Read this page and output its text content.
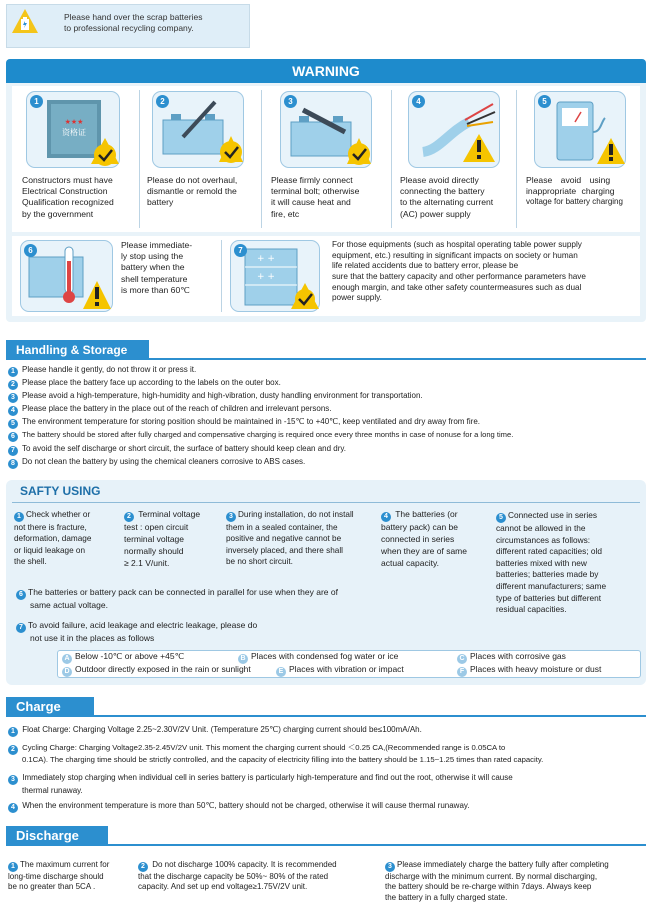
Please hand over the scrap batteries
to professional recycling company.
WARNING
资格证
★★★
1
Constructors must have
Electrical Construction
Qualification recognized
by the government
2
Please do not overhaul,
dismantle or remold the
battery
3
Please firmly connect
terminal bolt; otherwise
it will cause heat and
fire, etc
4
Please avoid directly
connecting the battery
to the alternating current
(AC) power supply
5
Please avoid using
inappropriate charging
voltage for battery charging
6
Please immediate-
ly stop using the
battery when the
shell temperature
is more than 60℃
+ +
+ +
7
For those equipments (such as hospital operating table power supply
equipment, etc.) resulting in significant impacts on society or human
life related accidents due to battery error, please be
sure that the battery capacity and other performance parameters have
enough margin, and take other safety countermeasures such as dual
power supply.
Handling & Storage
1 Please handle it gently, do not throw it or press it.
2 Please place the battery face up according to the labels on the outer box.
3 Please avoid a high-temperature, high-humidity and high-vibration, dusty handling environment for transportation.
4 Please place the battery in the place out of the reach of children and irrelevant persons.
5 The environment temperature for storing position should be maintained in -15℃ to +40℃, keep ventilated and dry away from fire.
6 The battery should be stored after fully charged and compensative charging is required once every three months in case of nonuse for a long time.
7 To avoid the self discharge or short circuit, the surface of battery should keep clean and dry.
8 Do not clean the battery by using the chemical cleaners corrosive to ABS cases.
SAFTY USING
1 Check whether or
not there is fracture,
deformation, damage
or liquid leakage on
the shell.
2 Terminal voltage
test : open circuit
terminal voltage
normally should
≥ 2.1 V/unit.
3 During installation, do not install
them in a sealed container, the
positive and negative cannot be
inversely placed, and there shall
be no short circuit.
4 The batteries (or
battery pack) can be
connected in series
when they are of same
actual capacity.
5 Connected use in series
cannot be allowed in the
circumstances as follows:
different rated capacities; old
batteries mixed with new
batteries; batteries made by
different manufacturers; same
type of batteries but different
residual capacities.
6 The batteries or battery pack can be connected in parallel for use when they are of
same actual voltage.
7 To avoid failure, acid leakage and electric leakage, please do
not use it in the places as follows
A Below -10℃ or above +45℃	B Places with condensed fog water or ice	C Places with corrosive gas
D Outdoor directly exposed in the rain or sunlight	E Places with vibration or impact	F Places with heavy moisture or dust
Charge
1 Float Charge: Charging Voltage 2.25~2.30V/2V Unit. (Temperature 25℃) charging current should be≤100mA/Ah.
2 Cycling Charge: Charging Voltage2.35-2.45V/2V unit. This moment the charging current should ＜0.25 CA,(Recommended range is 0.05CA to
0.1CA). The charging time should be strictly controlled, and the capacity of electricity filling into the battery should be 1.15~1.25 times than rated capacity.
3 Immediately stop charging when individual cell in series battery is particularly high-temperature and find out the root, otherwise it will cause
thermal runaway.
4 When the environment temperature is more than 50℃, battery should not be charged, otherwise it will cause thermal runaway.
Discharge
1 The maximum current for
long-time discharge should
be no greater than 5CA .
2 Do not discharge 100% capacity. It is recommended
that the discharge capacity be 50%~ 80% of the rated
capacity. And set up end voltage≥1.75V/2V unit.
3 Please immediately charge the battery fully after completing
discharge with the minimum current. By normal discharging,
the battery should be re-charge within 7days. Always keep
the battery in a fully charged state.
